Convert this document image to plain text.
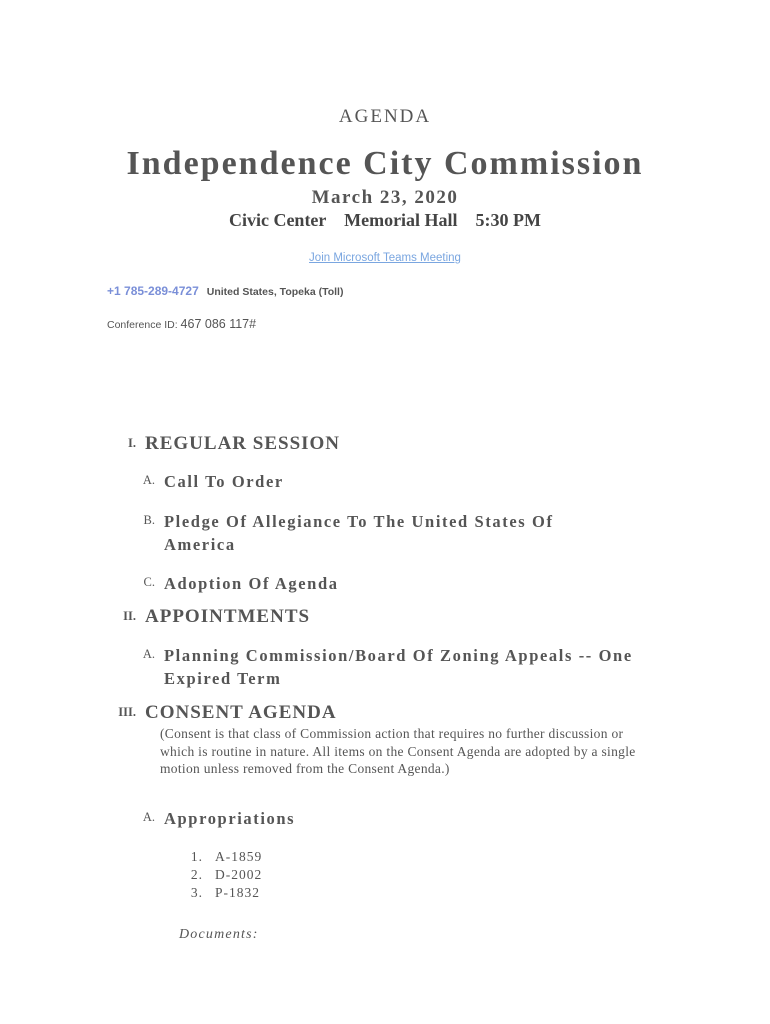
AGENDA
Independence City Commission
March 23, 2020
Civic Center    Memorial Hall    5:30 PM
Join Microsoft Teams Meeting
+1 785-289-4727 United States, Topeka (Toll)
Conference ID: 467 086 117#
I. REGULAR SESSION
A. Call To Order
B. Pledge Of Allegiance To The United States Of America
C. Adoption Of Agenda
II. APPOINTMENTS
A. Planning Commission/Board Of Zoning Appeals -- One Expired Term
III. CONSENT AGENDA
(Consent is that class of Commission action that requires no further discussion or which is routine in nature. All items on the Consent Agenda are adopted by a single motion unless removed from the Consent Agenda.)
A. Appropriations
1. A-1859
2. D-2002
3. P-1832
Documents:
